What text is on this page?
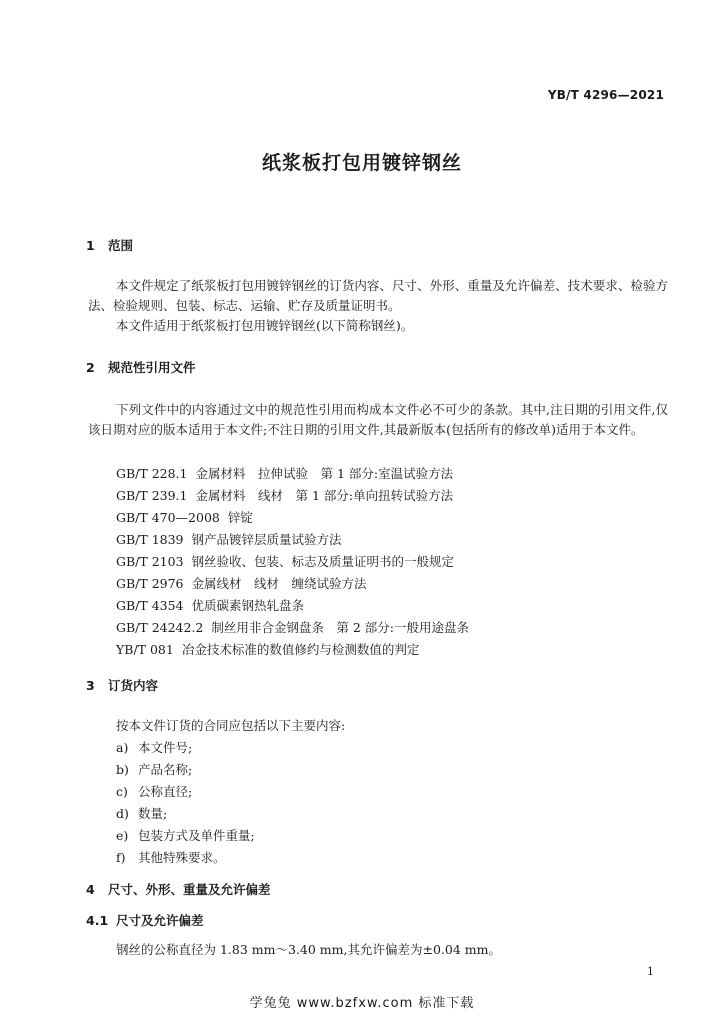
YB/T 4296—2021
纸浆板打包用镀锌钢丝
1 范围
本文件规定了纸浆板打包用镀锌钢丝的订货内容、尺寸、外形、重量及允许偏差、技术要求、检验方法、检验规则、包装、标志、运输、贮存及质量证明书。
本文件适用于纸浆板打包用镀锌钢丝(以下简称钢丝)。
2 规范性引用文件
下列文件中的内容通过文中的规范性引用而构成本文件必不可少的条款。其中,注日期的引用文件,仅该日期对应的版本适用于本文件;不注日期的引用文件,其最新版本(包括所有的修改单)适用于本文件。
GB/T 228.1 金属材料　拉伸试验　第 1 部分:室温试验方法
GB/T 239.1 金属材料　线材　第 1 部分:单向扭转试验方法
GB/T 470—2008 锌锭
GB/T 1839 钢产品镀锌层质量试验方法
GB/T 2103 钢丝验收、包装、标志及质量证明书的一般规定
GB/T 2976 金属线材　线材　缠绕试验方法
GB/T 4354 优质碳素钢热轧盘条
GB/T 24242.2 制丝用非合金钢盘条　第 2 部分:一般用途盘条
YB/T 081 冶金技术标准的数值修约与检测数值的判定
3 订货内容
按本文件订货的合同应包括以下主要内容:
a) 本文件号;
b) 产品名称;
c) 公称直径;
d) 数量;
e) 包装方式及单件重量;
f) 其他特殊要求。
4 尺寸、外形、重量及允许偏差
4.1 尺寸及允许偏差
钢丝的公称直径为 1.83 mm～3.40 mm,其允许偏差为±0.04 mm。
1
学兔兔 www.bzfxw.com 标准下载
